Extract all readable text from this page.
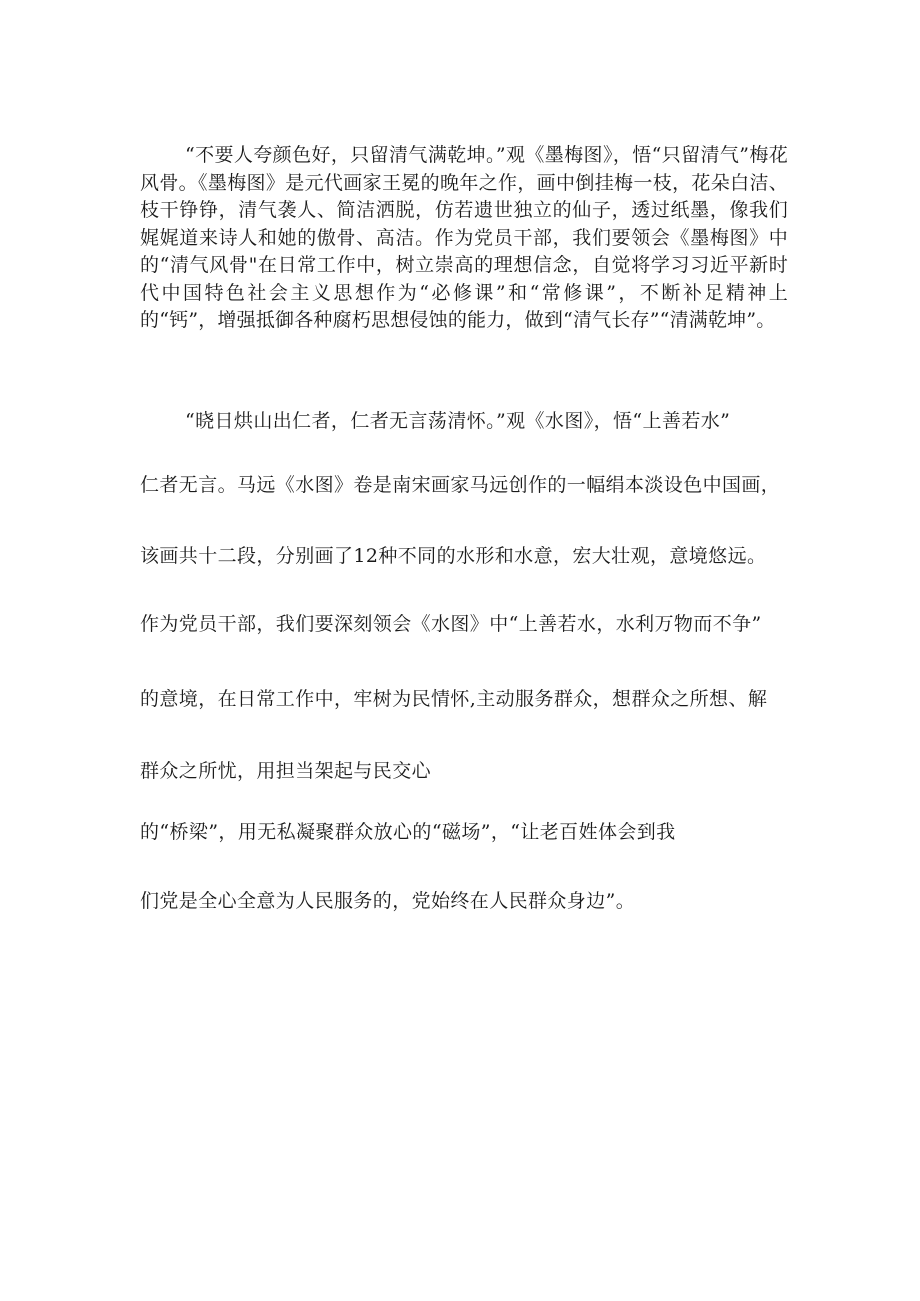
“不要人夸颜色好，只留清气满乾坤。”观《墨梅图》，悟“只留清气”梅花风骨。《墨梅图》是元代画家王冕的晚年之作，画中倒挂梅一枝，花朵白洁、枝干铮铮，清气袭人、简洁洒脱，仿若遗世独立的仙子，透过纸墨，像我们娓娓道来诗人和她的傲骨、高洁。作为党员干部，我们要领会《墨梅图》中的“清气风骨"在日常工作中，树立崇高的理想信念，自觉将学习习近平新时代中国特色社会主义思想作为“必修课”和“常修课”，不断补足精神上的“钙”，增强抵御各种腐朽思想侵蚀的能力，做到“清气长存”“清满乾坤”。

“晓日烘山出仁者，仁者无言荡清怀。”观《水图》，悟“上善若水”
仁者无言。马远《水图》卷是南宋画家马远创作的一幅绢本淡设色中国画，
该画共十二段，分别画了12种不同的水形和水意，宏大壮观，意境悠远。
作为党员干部，我们要深刻领会《水图》中“上善若水，水利万物而不争”
的意境，在日常工作中，牢树为民情怀,主动服务群众，想群众之所想、解
群众之所忧，用担当架起与民交心
的“桥梁”，用无私凝聚群众放心的“磁场”，“让老百姓体会到我
们党是全心全意为人民服务的，党始终在人民群众身边”。
